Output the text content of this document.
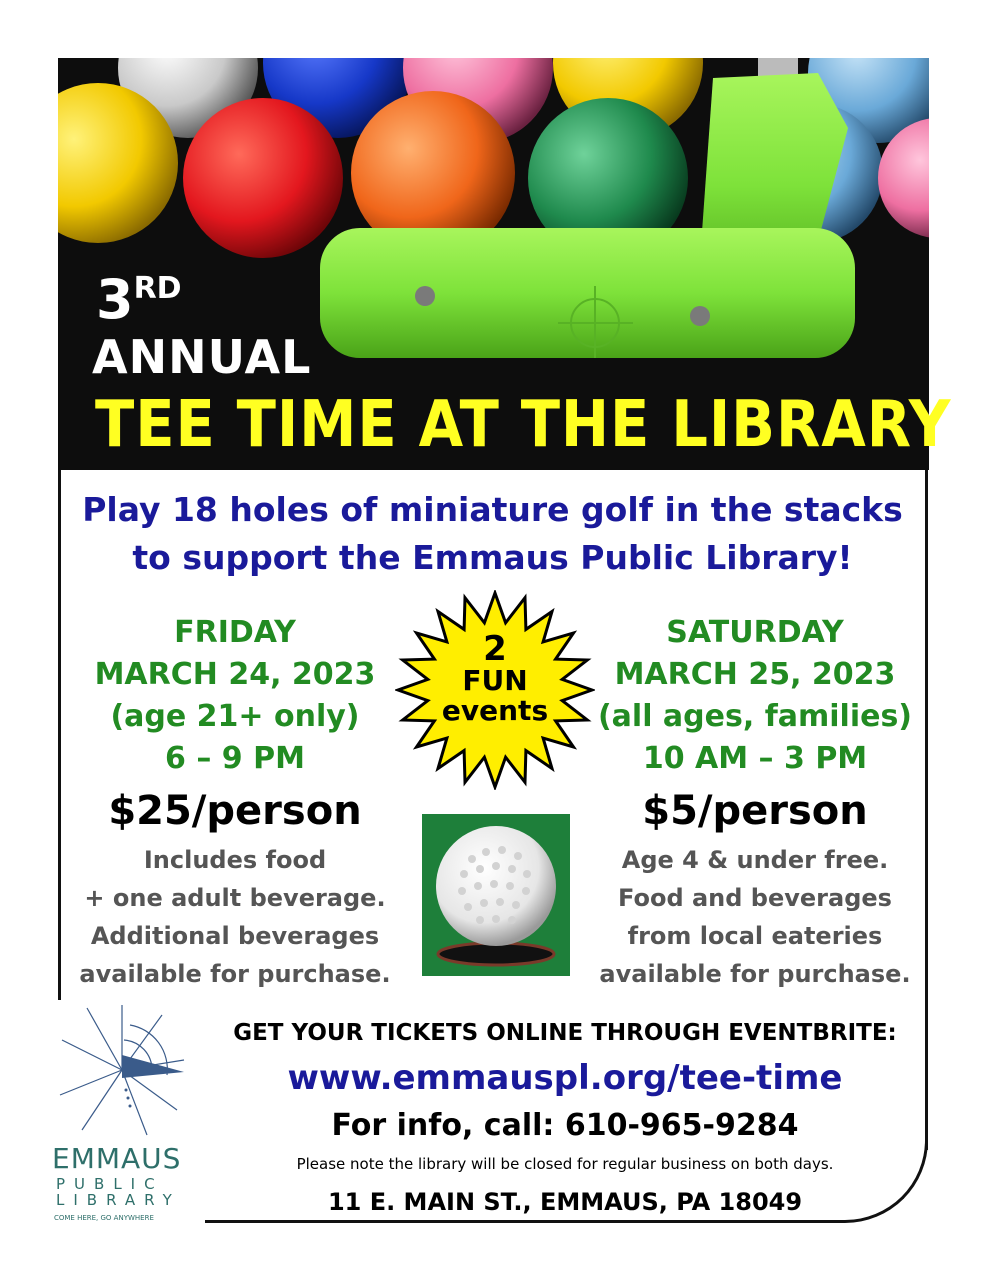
3RD
ANNUAL
TEE TIME AT THE LIBRARY
Play 18 holes of miniature golf in the stacks
to support the Emmaus Public Library!
FRIDAY
MARCH 24, 2023
(age 21+ only)
6 – 9 PM
$25/person
Includes food
+ one adult beverage.
Additional beverages
available for purchase.
SATURDAY
MARCH 25, 2023
(all ages, families)
10 AM – 3 PM
$5/person
Age 4 & under free.
Food and beverages
from local eateries
available for purchase.
2
FUN
events
EMMAUS
PUBLIC
LIBRARY
COME HERE, GO ANYWHERE
GET YOUR TICKETS ONLINE THROUGH EVENTBRITE:
www.emmauspl.org/tee-time
For info, call: 610-965-9284
Please note the library will be closed for regular business on both days.
11 E. MAIN ST., EMMAUS, PA 18049
